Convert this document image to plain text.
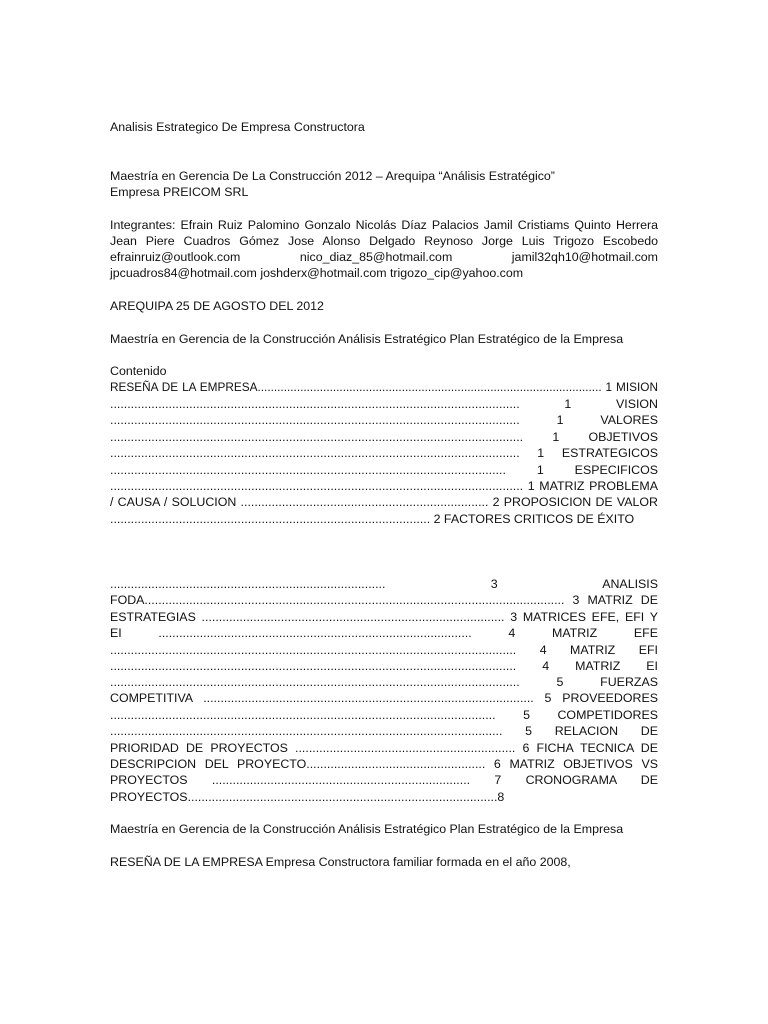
Analisis Estrategico De Empresa Constructora
Maestría en Gerencia De La Construcción 2012 – Arequipa “Análisis Estratégico”
Empresa PREICOM SRL
Integrantes: Efrain Ruiz Palomino Gonzalo Nicolás Díaz Palacios Jamil Cristiams Quinto Herrera
Jean Piere Cuadros Gómez Jose Alonso Delgado Reynoso Jorge Luis Trigozo Escobedo
efrainruiz@outlook.com nico_diaz_85@hotmail.com jamil32qh10@hotmail.com
jpcuadros84@hotmail.com joshderx@hotmail.com trigozo_cip@yahoo.com
AREQUIPA 25 DE AGOSTO DEL 2012
Maestría en Gerencia de la Construcción Análisis Estratégico Plan Estratégico de la Empresa
Contenido
RESEÑA DE LA EMPRESA......................................................................................................... 1 MISION
....................................................................................................................... 1 VISION
....................................................................................................................... 1 VALORES
........................................................................................................................ 1 OBJETIVOS
....................................................................................................................... 1 ESTRATEGICOS
................................................................................................................... 1 ESPECIFICOS
........................................................................................................................ 1 MATRIZ PROBLEMA
/ CAUSA / SOLUCION ........................................................................ 2 PROPOSICION DE VALOR
............................................................................................. 2 FACTORES CRITICOS DE ÉXITO
................................................................................ 3 ANALISIS
FODA.......................................................................................................................... 3 MATRIZ DE
ESTRATEGIAS ........................................................................................ 3 MATRICES EFE, EFI Y
EI ........................................................................................... 4 MATRIZ EFE
...................................................................................................................... 4 MATRIZ EFI
...................................................................................................................... 4 MATRIZ EI
....................................................................................................................... 5 FUERZAS
COMPETITIVA ................................................................................................ 5 PROVEEDORES
................................................................................................................ 5 COMPETIDORES
.................................................................................................................. 5 RELACION DE
PRIORIDAD DE PROYECTOS ................................................................ 6 FICHA TECNICA DE
DESCRIPCION DEL PROYECTO.................................................... 6 MATRIZ OBJETIVOS VS
PROYECTOS ........................................................................... 7 CRONOGRAMA DE
PROYECTOS..........................................................................................8
Maestría en Gerencia de la Construcción Análisis Estratégico Plan Estratégico de la Empresa
RESEÑA DE LA EMPRESA Empresa Constructora familiar formada en el año 2008,
